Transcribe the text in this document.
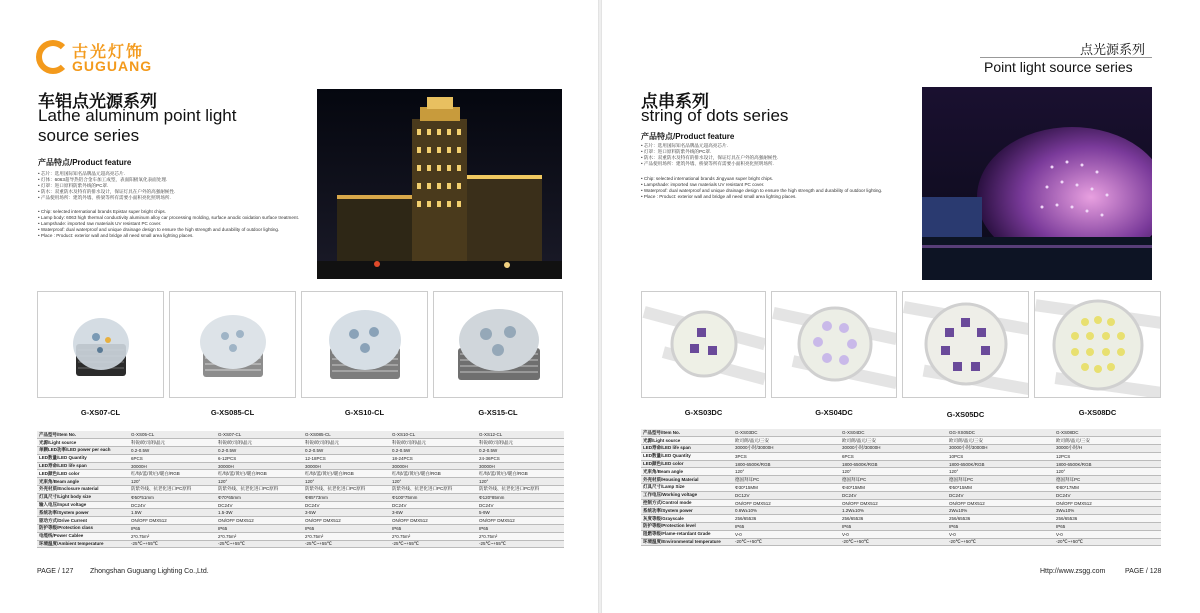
古光灯饰
GUGUANG
车铝点光源系列
Lathe aluminum point light source series
产品特点/Product feature
• 芯片：选用国际知名品牌晶元超高亮芯片.
• 灯体：6063超导热铝合金车加工成型，表面阳极氧化表面处理.
• 灯罩：进口原料防紫外线的PC罩.
• 防水：双重防水及特有的排水设计，保证灯具在户外的高强耐候性.
• 产品使用场所：建筑外墙、桥梁等所有需要小面积亮化照明场所.
• Chip: selected international brands Epistar super bright chips.
• Lamp body: 6063 high thermal conductivity aluminum alloy car processing molding, surface anodic oxidation surface treatment.
• Lampshade: imported raw materials UV resistant PC cover.
• Waterproof: dual waterproof and unique drainage design to ensure the high strength and durability of outdoor lighting.
• Place : Product: exterior wall and bridge all need small area lighting places.
G-XS07-CL	G-XS085-CL	G-XS10-CL	G-XS15-CL
产品型号/Item No.	G-XS05-CL	G-XS07-CL	G-XS085-CL	G-XS10-CL	G-XS12-CL
光源/Light source	科锐/欧司朗/晶元	科锐/欧司朗/晶元	科锐/欧司朗/晶元	科锐/欧司朗/晶元	科锐/欧司朗/晶元
单颗LED功率/LED power per each	0.2-0.5W	0.2-0.5W	0.2-0.5W	0.2-0.5W	0.2-0.5W
LED数量/LED Quantity	6PCS	6-12PCS	12-18PCS	18-24PCS	24-36PCS
LED寿命/LED life span	30000H	30000H	30000H	30000H	30000H
LED颜色/LED color	红/绿/蓝/黄/白/暖白/RGB	红/绿/蓝/黄/白/暖白/RGB	红/绿/蓝/黄/白/暖白/RGB	红/绿/蓝/黄/白/暖白/RGB	红/绿/蓝/黄/白/暖白/RGB
光束角/Beam angle	120°	120°	120°	120°	120°
外壳材质/Enclosure material	防紫外线、抗老化进口PC原料	防紫外线、抗老化进口PC原料	防紫外线、抗老化进口PC原料	防紫外线、抗老化进口PC原料	防紫外线、抗老化进口PC原料
灯具尺寸/Light body size	Φ50*51mm	Φ70*65mm	Φ85*73mm	Φ100*75mm	Φ120*85mm
输入电压/Input voltage	DC24V	DC24V	DC24V	DC24V	DC24V
系统功率/System power	1.5W	1.5-3W	3-5W	3-6W	5-9W
驱动方式/Drive Current	ON/OFF DMX512	ON/OFF DMX512	ON/OFF DMX512	ON/OFF DMX512	ON/OFF DMX512
防护等级/Protection class	IP65	IP65	IP65	IP65	IP65
电缆线/Power Cablee	2*0.75m²	2*0.75m²	2*0.75m²	2*0.75m²	2*0.75m²
环境温度/Ambient temperature	-25℃~+55℃	-25℃~+55℃	-25℃~+55℃	-25℃~+55℃	-25℃~+55℃
PAGE / 127 Zhongshan Guguang Lighting Co.,Ltd.
点光源系列
Point light source series
点串系列
string of dots series
产品特点/Product feature
• 芯片：选用国际知名品牌晶元超高亮芯片.
• 灯罩：进口原料防紫外线的PC罩.
• 防水：双重防水及特有的排水设计，保证灯具在户外的高强耐候性.
• 产品使用场所：建筑外墙、桥梁等所有需要小面积亮化照明场所.
• Chip: selected international brands Jingyuan super bright chips.
• Lampshade: imported raw materials UV resistant PC cover.
• Waterproof: dual waterproof and unique drainage design to ensure the high strength and durability of outdoor lighting.
• Place : Product: exterior wall and bridge all need small area lighting places.
G-XS03DC	G-XS04DC	G-XS05DC	G-XS08DC
产品型号/Item No.	G-XS03DC	G-XS04DC	GG-XS05DC	G-XS08DC
光源/Light source	欧司朗/晶元/三安	欧司朗/晶元/三安	欧司朗/晶元/三安	欧司朗/晶元/三安
LED寿命/LED life span	30000小时/30000H	30000小时/30000H	30000小时/30000H	30000小时/H
LED数量/LED Quantity	3PCS	6PCS	10PCS	12PCS
LED颜色/LED color	1800-6500K/RGB	1800-6500K/RGB	1800-6500K/RGB	1800-6500K/RGB
光束角/Beam angle	120°	120°	120°	120°
外壳材质/Housing Material	德国拜耳PC	德国拜耳PC	德国拜耳PC	德国拜耳PC
灯具尺寸/Lamp Size	Φ30*15MM	Φ40*15MM	Φ50*15MM	Φ80*17MM
工作电压/Working voltage	DC12V	DC24V	DC24V	DC24V
控制方式/Control mode	ON/OFF DMX512	ON/OFF DMX512	ON/OFF DMX512	ON/OFF DMX512
系统功率/System power	0.6W±10%	1.2W±10%	2W±10%	3W±10%
灰度等级/Grayscale	256/65536	256/65536	256/65536	256/65536
防护等级/Protection level	IP65	IP65	IP65	IP65
阻燃等级/Flame-retardant Grade	V-0	V-0	V-0	V-0
环境温度/Environmental temperature	-20℃~+50℃	-20℃~+50℃	-20℃~+50℃	-20℃~+50℃
Http://www.zsgg.com	PAGE / 128
